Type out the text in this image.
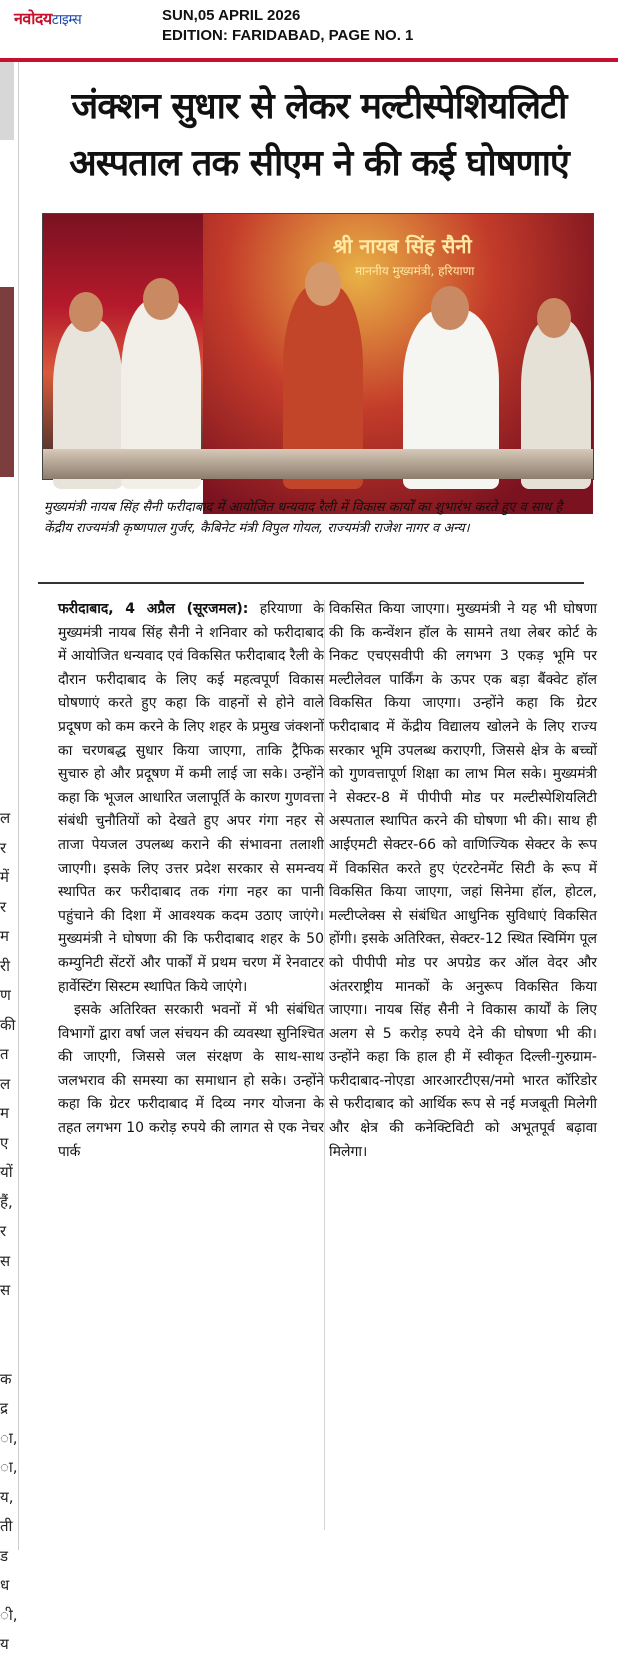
नवोदयटाइम्स	SUN,05 APRIL 2026
EDITION: FARIDABAD, PAGE NO. 1
ल
र
में
र
म
री
ण
की
त
ल
म
ए
यों
हैं,
र
स
स

क
द्र
ा,
ा,
य,
ती
ड
ध
ी,
य
जंक्शन सुधार से लेकर मल्टीस्पेशियलिटी
अस्पताल तक सीएम ने की कई घोषणाएं
श्री नायब सिंह सैनी
माननीय मुख्यमंत्री, हरियाणा
मुख्यमंत्री नायब सिंह सैनी फरीदाबाद में आयोजित धन्यवाद रैली में विकास कार्यों का शुभारंभ करते हुए व साथ है केंद्रीय राज्यमंत्री कृष्णपाल गुर्जर, कैबिनेट मंत्री विपुल गोयल, राज्यमंत्री राजेश नागर व अन्य।

फरीदाबाद, 4 अप्रैल (सूरजमल): हरियाणा के मुख्यमंत्री नायब सिंह सैनी ने शनिवार को फरीदाबाद में आयोजित धन्यवाद एवं विकसित फरीदाबाद रैली के दौरान फरीदाबाद के लिए कई महत्वपूर्ण विकास घोषणाएं करते हुए कहा कि वाहनों से होने वाले प्रदूषण को कम करने के लिए शहर के प्रमुख जंक्शनों का चरणबद्ध सुधार किया जाएगा, ताकि ट्रैफिक सुचारु हो और प्रदूषण में कमी लाई जा सके। उन्होंने कहा कि भूजल आधारित जलापूर्ति के कारण गुणवत्ता संबंधी चुनौतियों को देखते हुए अपर गंगा नहर से ताजा पेयजल उपलब्ध कराने की संभावना तलाशी जाएगी। इसके लिए उत्तर प्रदेश सरकार से समन्वय स्थापित कर फरीदाबाद तक गंगा नहर का पानी पहुंचाने की दिशा में आवश्यक कदम उठाए जाएंगे। मुख्यमंत्री ने घोषणा की कि फरीदाबाद शहर के 50 कम्युनिटी सेंटरों और पार्कों में प्रथम चरण में रेनवाटर हार्वेस्टिंग सिस्टम स्थापित किये जाएंगे।

इसके अतिरिक्त सरकारी भवनों में भी संबंधित विभागों द्वारा वर्षा जल संचयन की व्यवस्था सुनिश्चित की जाएगी, जिससे जल संरक्षण के साथ-साथ जलभराव की समस्या का समाधान हो सके। उन्होंने कहा कि ग्रेटर फरीदाबाद में दिव्य नगर योजना के तहत लगभग 10 करोड़ रुपये की लागत से एक नेचर पार्क

विकसित किया जाएगा। मुख्यमंत्री ने यह भी घोषणा की कि कन्वेंशन हॉल के सामने तथा लेबर कोर्ट के निकट एचएसवीपी की लगभग 3 एकड़ भूमि पर मल्टीलेवल पार्किंग के ऊपर एक बड़ा बैंक्वेट हॉल विकसित किया जाएगा। उन्होंने कहा कि ग्रेटर फरीदाबाद में केंद्रीय विद्यालय खोलने के लिए राज्य सरकार भूमि उपलब्ध कराएगी, जिससे क्षेत्र के बच्चों को गुणवत्तापूर्ण शिक्षा का लाभ मिल सके। मुख्यमंत्री ने सेक्टर-8 में पीपीपी मोड पर मल्टीस्पेशियलिटी अस्पताल स्थापित करने की घोषणा भी की। साथ ही आईएमटी सेक्टर-66 को वाणिज्यिक सेक्टर के रूप में विकसित करते हुए एंटरटेनमेंट सिटी के रूप में विकसित किया जाएगा, जहां सिनेमा हॉल, होटल, मल्टीप्लेक्स से संबंधित आधुनिक सुविधाएं विकसित होंगी। इसके अतिरिक्त, सेक्टर-12 स्थित स्विमिंग पूल को पीपीपी मोड पर अपग्रेड कर ऑल वेदर और अंतरराष्ट्रीय मानकों के अनुरूप विकसित किया जाएगा। नायब सिंह सैनी ने विकास कार्यों के लिए अलग से 5 करोड़ रुपये देने की घोषणा भी की। उन्होंने कहा कि हाल ही में स्वीकृत दिल्ली-गुरुग्राम-फरीदाबाद-नोएडा आरआरटीएस/नमो भारत कॉरिडोर से फरीदाबाद को आर्थिक रूप से नई मजबूती मिलेगी और क्षेत्र की कनेक्टिविटी को अभूतपूर्व बढ़ावा मिलेगा।
